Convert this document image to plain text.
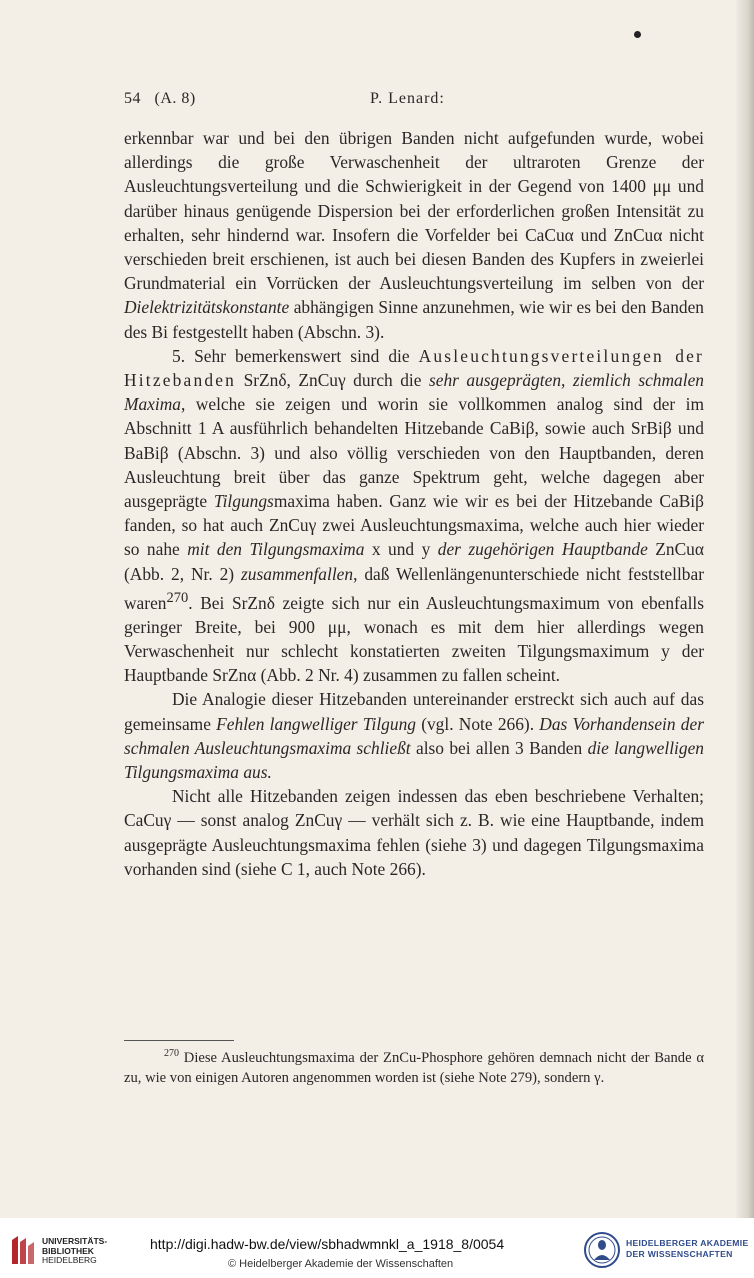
54 (A. 8)	P. Lenard:

erkennbar war und bei den übrigen Banden nicht aufgefunden wurde, wobei allerdings die große Verwaschenheit der ultraroten Grenze der Ausleuchtungsverteilung und die Schwierigkeit in der Gegend von 1400 μμ und darüber hinaus genügende Dispersion bei der erforderlichen großen Intensität zu erhalten, sehr hindernd war. Insofern die Vorfelder bei CaCuα und ZnCuα nicht verschieden breit erschienen, ist auch bei diesen Banden des Kupfers in zweierlei Grundmaterial ein Vorrücken der Ausleuchtungsverteilung im selben von der Dielektrizitätskonstante abhängigen Sinne anzunehmen, wie wir es bei den Banden des Bi festgestellt haben (Abschn. 3).

5. Sehr bemerkenswert sind die Ausleuchtungsverteilungen der Hitzebanden SrZnδ, ZnCuγ durch die sehr ausgeprägten, ziemlich schmalen Maxima, welche sie zeigen und worin sie vollkommen analog sind der im Abschnitt 1 A ausführlich behandelten Hitzebande CaBiβ, sowie auch SrBiβ und BaBiβ (Abschn. 3) und also völlig verschieden von den Hauptbanden, deren Ausleuchtung breit über das ganze Spektrum geht, welche dagegen aber ausgeprägte Tilgungsmaxima haben. Ganz wie wir es bei der Hitzebande CaBiβ fanden, so hat auch ZnCuγ zwei Ausleuchtungsmaxima, welche auch hier wieder so nahe mit den Tilgungsmaxima x und y der zugehörigen Hauptbande ZnCuα (Abb. 2, Nr. 2) zusammenfallen, daß Wellenlängenunterschiede nicht feststellbar waren$^{270}$. Bei SrZnδ zeigte sich nur ein Ausleuchtungsmaximum von ebenfalls geringer Breite, bei 900 μμ, wonach es mit dem hier allerdings wegen Verwaschenheit nur schlecht konstatierten zweiten Tilgungsmaximum y der Hauptbande SrZnα (Abb. 2 Nr. 4) zusammen zu fallen scheint.

Die Analogie dieser Hitzebanden untereinander erstreckt sich auch auf das gemeinsame Fehlen langwelliger Tilgung (vgl. Note 266). Das Vorhandensein der schmalen Ausleuchtungsmaxima schließt also bei allen 3 Banden die langwelligen Tilgungsmaxima aus.

Nicht alle Hitzebanden zeigen indessen das eben beschriebene Verhalten; CaCuγ — sonst analog ZnCuγ — verhält sich z. B. wie eine Hauptbande, indem ausgeprägte Ausleuchtungsmaxima fehlen (siehe 3) und dagegen Tilgungsmaxima vorhanden sind (siehe C 1, auch Note 266).

$^{270}$ Diese Ausleuchtungsmaxima der ZnCu-Phosphore gehören demnach nicht der Bande α zu, wie von einigen Autoren angenommen worden ist (siehe Note 279), sondern γ.
UNIVERSITÄTS-
BIBLIOTHEK
HEIDELBERG
http://digi.hadw-bw.de/view/sbhadwmnkl_a_1918_8/0054
© Heidelberger Akademie der Wissenschaften
HEIDELBERGER AKADEMIE
DER WISSENSCHAFTEN
